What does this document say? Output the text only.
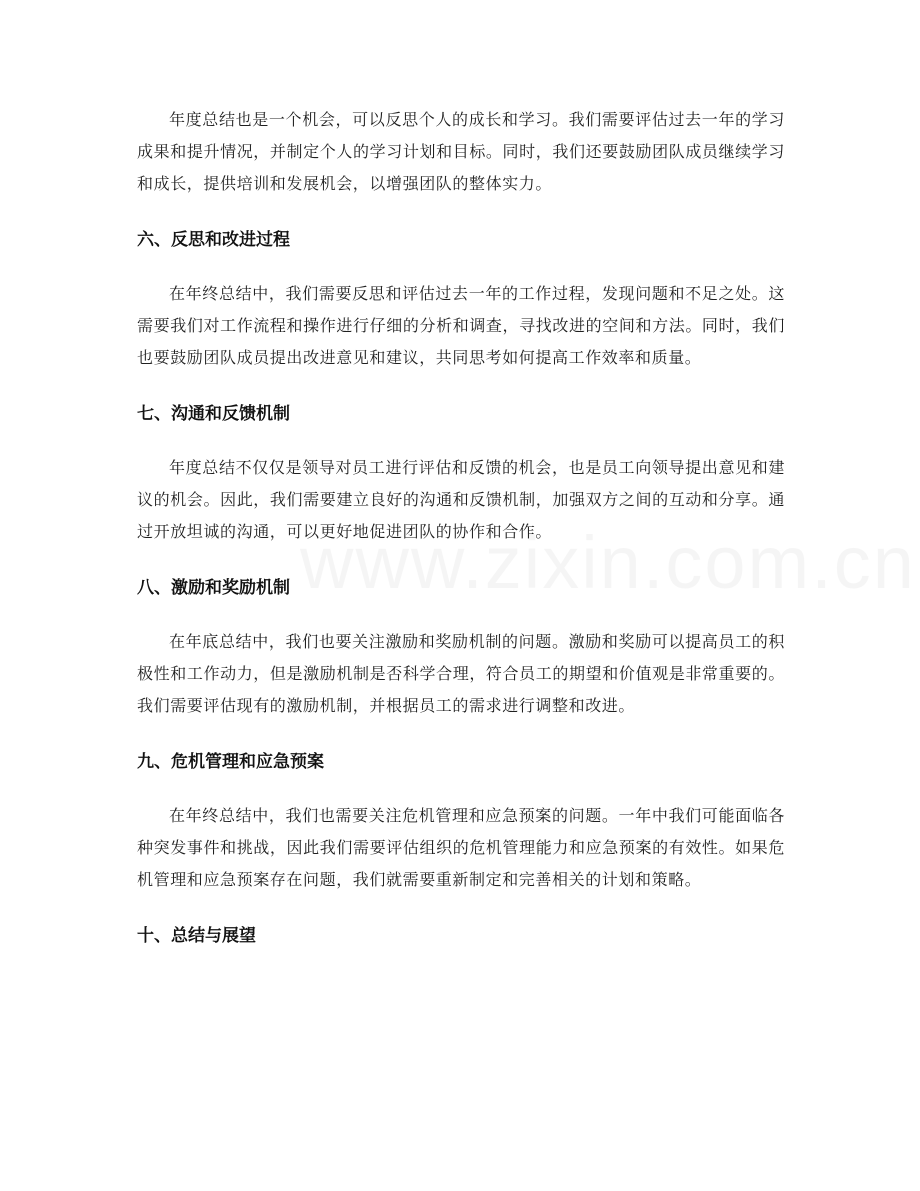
年度总结也是一个机会，可以反思个人的成长和学习。我们需要评估过去一年的学习成果和提升情况，并制定个人的学习计划和目标。同时，我们还要鼓励团队成员继续学习和成长，提供培训和发展机会，以增强团队的整体实力。

六、反思和改进过程

在年终总结中，我们需要反思和评估过去一年的工作过程，发现问题和不足之处。这需要我们对工作流程和操作进行仔细的分析和调查，寻找改进的空间和方法。同时，我们也要鼓励团队成员提出改进意见和建议，共同思考如何提高工作效率和质量。

七、沟通和反馈机制

年度总结不仅仅是领导对员工进行评估和反馈的机会，也是员工向领导提出意见和建议的机会。因此，我们需要建立良好的沟通和反馈机制，加强双方之间的互动和分享。通过开放坦诚的沟通，可以更好地促进团队的协作和合作。

八、激励和奖励机制

在年底总结中，我们也要关注激励和奖励机制的问题。激励和奖励可以提高员工的积极性和工作动力，但是激励机制是否科学合理，符合员工的期望和价值观是非常重要的。我们需要评估现有的激励机制，并根据员工的需求进行调整和改进。

九、危机管理和应急预案

在年终总结中，我们也需要关注危机管理和应急预案的问题。一年中我们可能面临各种突发事件和挑战，因此我们需要评估组织的危机管理能力和应急预案的有效性。如果危机管理和应急预案存在问题，我们就需要重新制定和完善相关的计划和策略。

十、总结与展望
